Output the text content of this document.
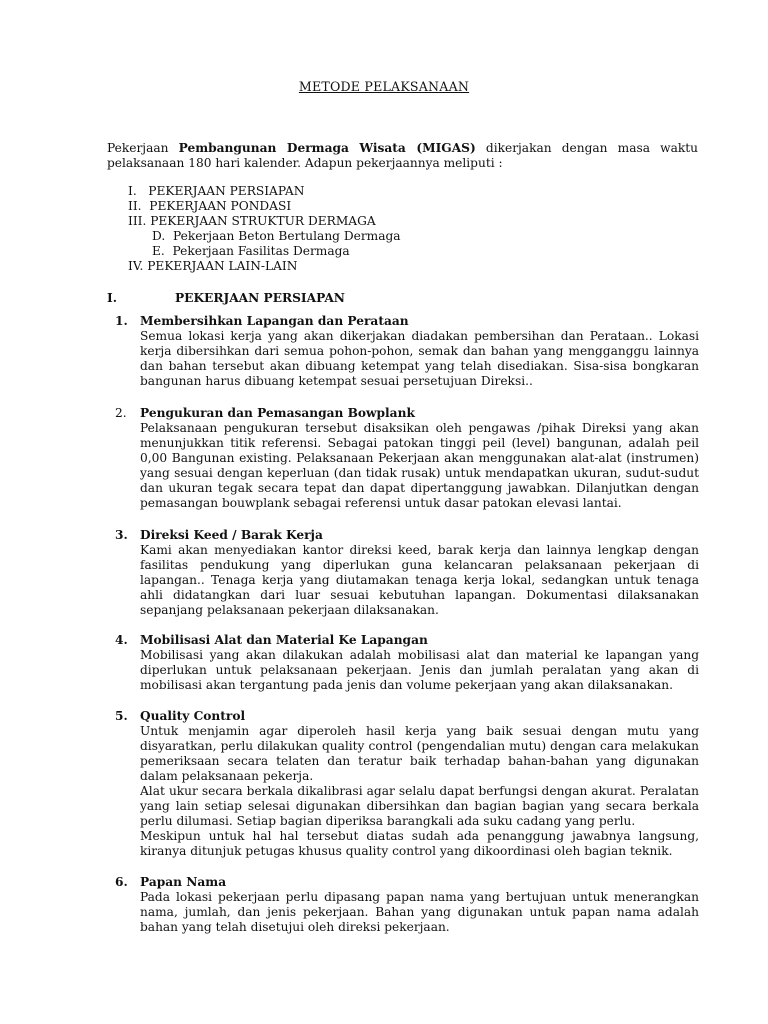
METODE PELAKSANAAN
Pekerjaan Pembangunan Dermaga Wisata (MIGAS) dikerjakan dengan masa waktu pelaksanaan 180 hari kalender. Adapun pekerjaannya meliputi :
I.   PEKERJAAN PERSIAPAN
II.  PEKERJAAN PONDASI
III. PEKERJAAN STRUKTUR DERMAGA
D.  Pekerjaan Beton Bertulang Dermaga
E.  Pekerjaan Fasilitas Dermaga
IV. PEKERJAAN LAIN-LAIN
I.	PEKERJAAN PERSIAPAN
1. Membersihkan Lapangan dan Perataan

Semua lokasi kerja yang akan dikerjakan diadakan pembersihan dan Perataan.. Lokasi kerja dibersihkan dari semua pohon-pohon, semak dan bahan yang mengganggu lainnya dan bahan tersebut akan dibuang ketempat yang telah disediakan. Sisa-sisa bongkaran bangunan harus dibuang ketempat sesuai persetujuan Direksi..

2. Pengukuran dan Pemasangan Bowplank

Pelaksanaan pengukuran tersebut disaksikan oleh pengawas /pihak Direksi yang akan menunjukkan titik referensi. Sebagai patokan tinggi peil (level) bangunan, adalah peil 0,00 Bangunan existing. Pelaksanaan Pekerjaan akan menggunakan alat-alat (instrumen) yang sesuai dengan keperluan (dan tidak rusak) untuk mendapatkan ukuran, sudut-sudut dan ukuran tegak secara tepat dan dapat dipertanggung jawabkan. Dilanjutkan dengan pemasangan bouwplank sebagai referensi untuk dasar patokan elevasi lantai.

3. Direksi Keed / Barak Kerja

Kami akan menyediakan kantor direksi keed, barak kerja dan lainnya lengkap dengan fasilitas pendukung yang diperlukan guna kelancaran pelaksanaan pekerjaan di lapangan.. Tenaga kerja yang diutamakan tenaga kerja lokal, sedangkan untuk tenaga ahli didatangkan dari luar sesuai kebutuhan lapangan. Dokumentasi dilaksanakan sepanjang pelaksanaan pekerjaan dilaksanakan.

4. Mobilisasi Alat dan Material Ke Lapangan

Mobilisasi yang akan dilakukan adalah mobilisasi alat dan material ke lapangan yang diperlukan untuk pelaksanaan pekerjaan. Jenis dan jumlah peralatan yang akan di mobilisasi akan tergantung pada jenis dan volume pekerjaan yang akan dilaksanakan.

5. Quality Control

Untuk menjamin agar diperoleh hasil kerja yang baik sesuai dengan mutu yang disyaratkan, perlu dilakukan quality control (pengendalian mutu) dengan cara melakukan pemeriksaan secara telaten dan teratur baik terhadap bahan-bahan yang digunakan dalam pelaksanaan pekerja.

Alat ukur secara berkala dikalibrasi agar selalu dapat berfungsi dengan akurat. Peralatan yang lain setiap selesai digunakan dibersihkan dan bagian bagian yang secara berkala perlu dilumasi. Setiap bagian diperiksa barangkali ada suku cadang yang perlu.

Meskipun untuk hal hal tersebut diatas sudah ada penanggung jawabnya langsung, kiranya ditunjuk petugas khusus quality control yang dikoordinasi oleh bagian teknik.

6. Papan Nama

Pada lokasi pekerjaan perlu dipasang papan nama yang bertujuan untuk menerangkan nama, jumlah, dan jenis pekerjaan. Bahan yang digunakan untuk papan nama adalah bahan yang telah disetujui oleh direksi pekerjaan.
